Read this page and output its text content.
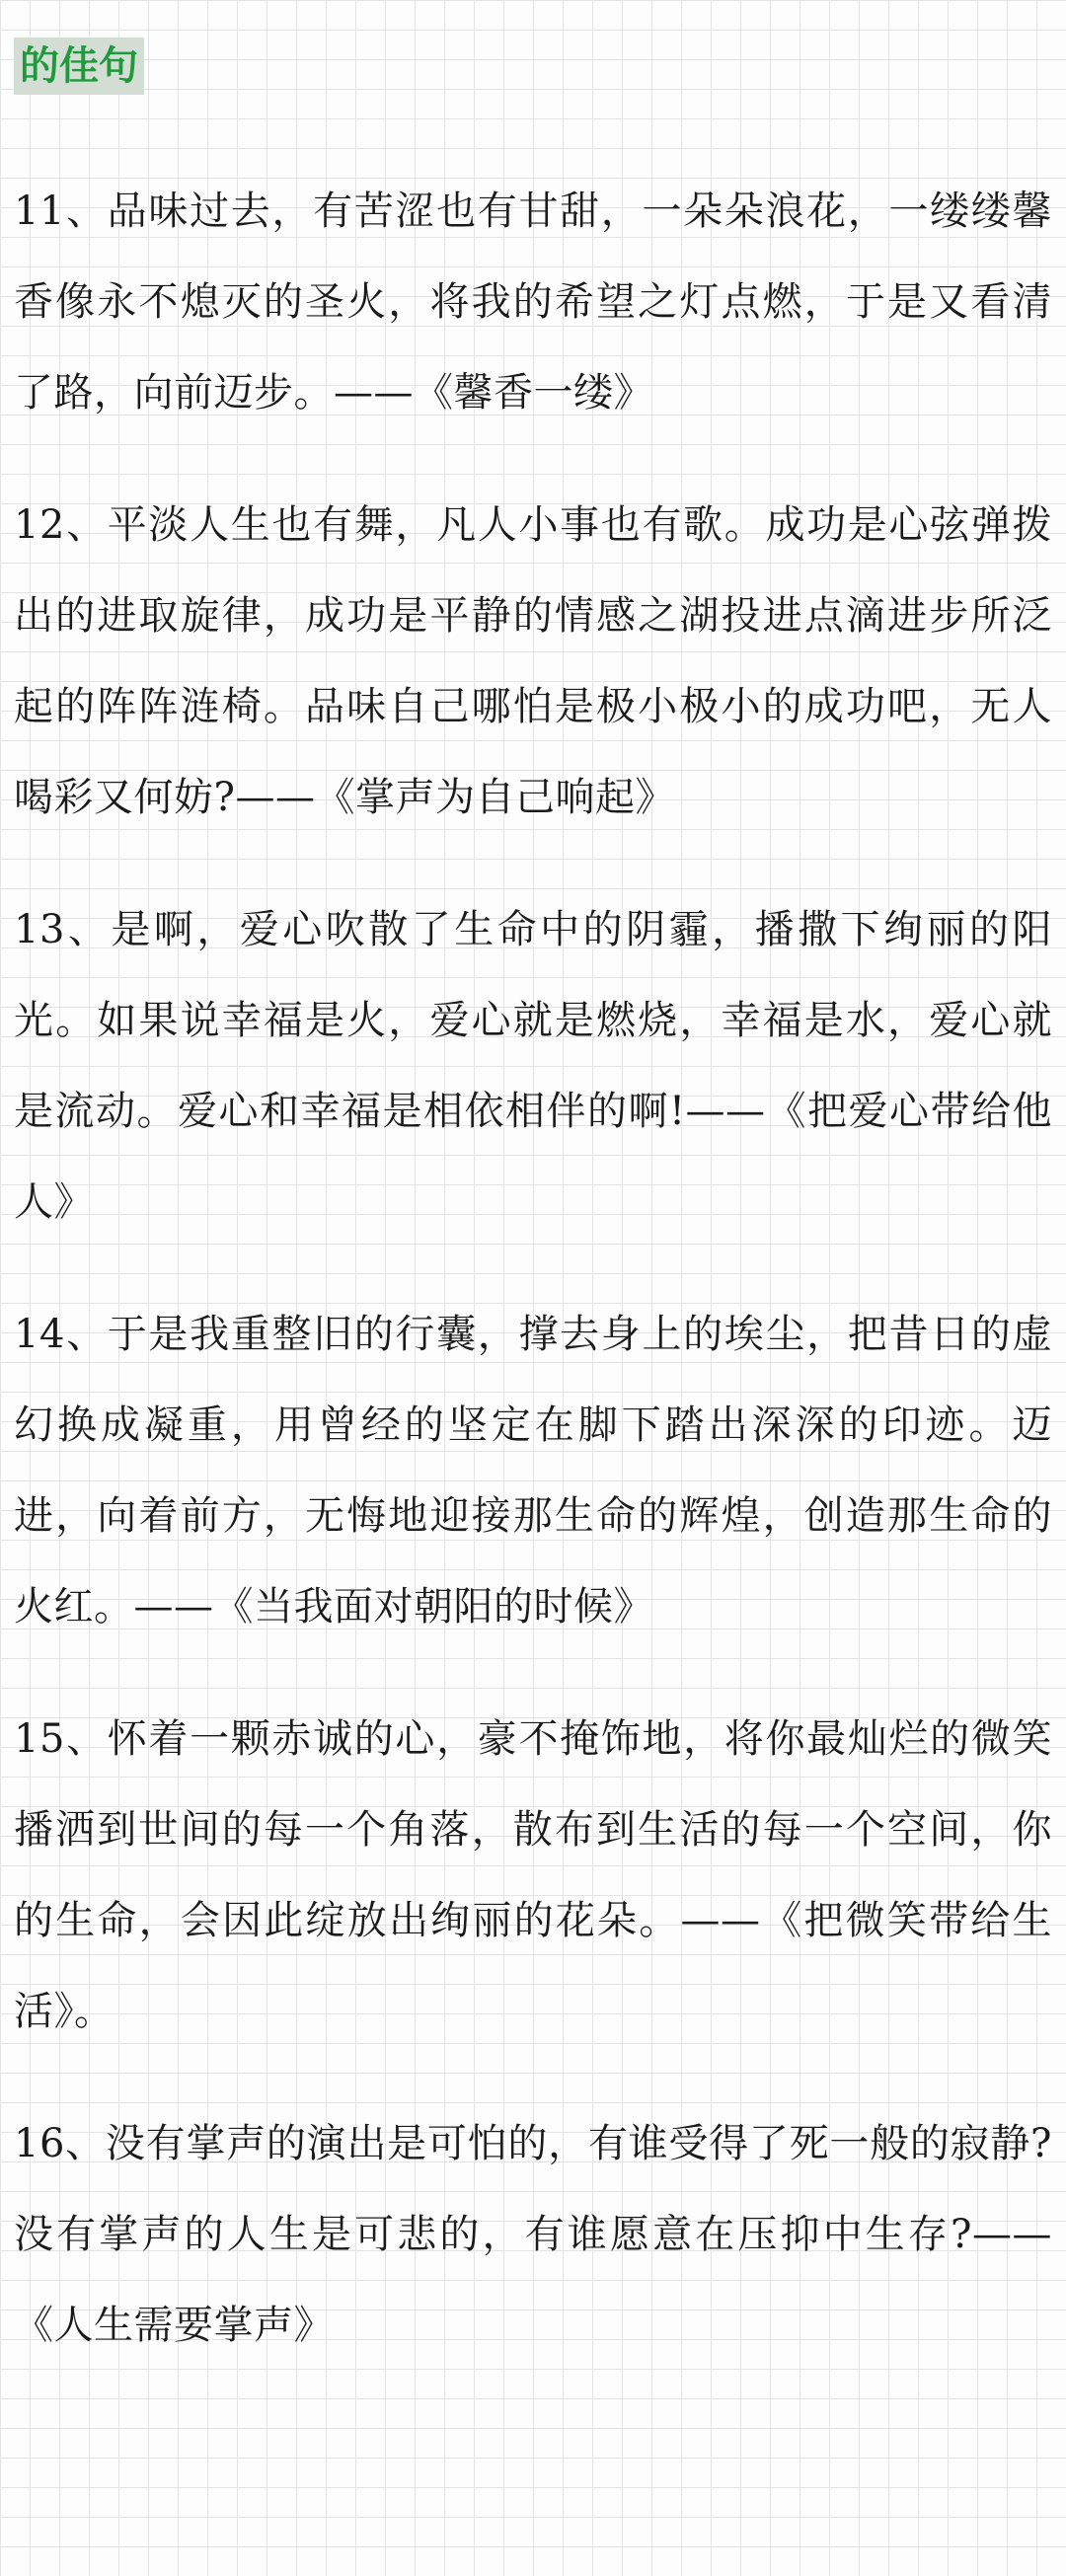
的佳句
11、品味过去，有苦涩也有甘甜，一朵朵浪花，一缕缕馨香像永不熄灭的圣火，将我的希望之灯点燃，于是又看清了路，向前迈步。——《馨香一缕》
12、平淡人生也有舞，凡人小事也有歌。成功是心弦弹拨出的进取旋律，成功是平静的情感之湖投进点滴进步所泛起的阵阵涟椅。品味自己哪怕是极小极小的成功吧，无人喝彩又何妨?——《掌声为自己响起》
13、是啊，爱心吹散了生命中的阴霾，播撒下绚丽的阳光。如果说幸福是火，爱心就是燃烧，幸福是水，爱心就是流动。爱心和幸福是相依相伴的啊!——《把爱心带给他人》
14、于是我重整旧的行囊，撑去身上的埃尘，把昔日的虚幻换成凝重，用曾经的坚定在脚下踏出深深的印迹。迈进，向着前方，无悔地迎接那生命的辉煌，创造那生命的火红。——《当我面对朝阳的时候》
15、怀着一颗赤诚的心，豪不掩饰地，将你最灿烂的微笑播洒到世间的每一个角落，散布到生活的每一个空间，你的生命，会因此绽放出绚丽的花朵。——《把微笑带给生活》。
16、没有掌声的演出是可怕的，有谁受得了死一般的寂静?没有掌声的人生是可悲的，有谁愿意在压抑中生存?——《人生需要掌声》
